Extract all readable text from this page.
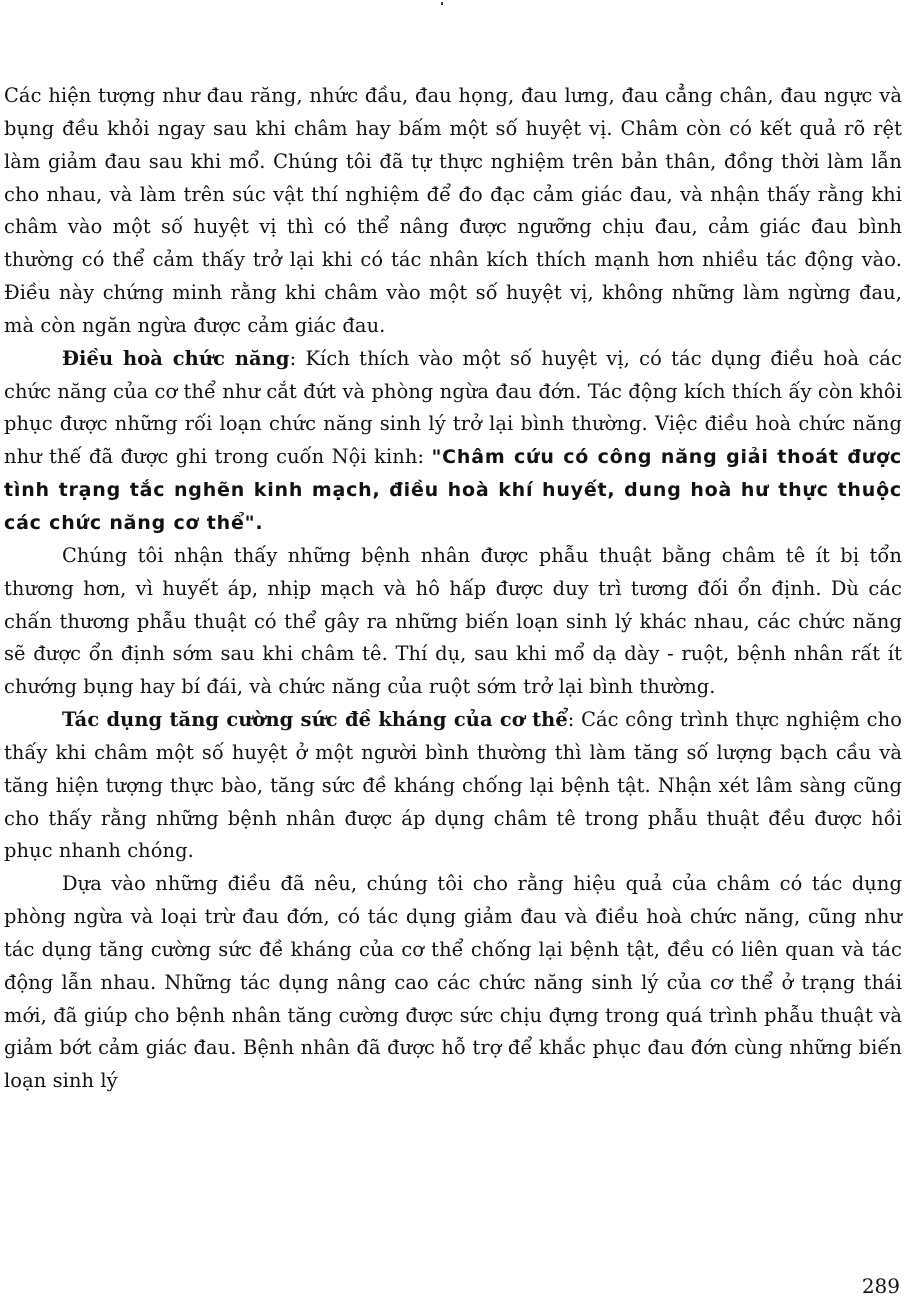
Các hiện tượng như đau răng, nhức đầu, đau họng, đau lưng, đau cẳng chân, đau ngực và bụng đều khỏi ngay sau khi châm hay bấm một số huyệt vị. Châm còn có kết quả rõ rệt làm giảm đau sau khi mổ. Chúng tôi đã tự thực nghiệm trên bản thân, đồng thời làm lẫn cho nhau, và làm trên súc vật thí nghiệm để đo đạc cảm giác đau, và nhận thấy rằng khi châm vào một số huyệt vị thì có thể nâng được ngưỡng chịu đau, cảm giác đau bình thường có thể cảm thấy trở lại khi có tác nhân kích thích mạnh hơn nhiều tác động vào. Điều này chứng minh rằng khi châm vào một số huyệt vị, không những làm ngừng đau, mà còn ngăn ngừa được cảm giác đau.

Điều hoà chức năng: Kích thích vào một số huyệt vị, có tác dụng điều hoà các chức năng của cơ thể như cắt đứt và phòng ngừa đau đớn. Tác động kích thích ấy còn khôi phục được những rối loạn chức năng sinh lý trở lại bình thường. Việc điều hoà chức năng như thế đã được ghi trong cuốn Nội kinh: "Châm cứu có công năng giải thoát được tình trạng tắc nghẽn kinh mạch, điều hoà khí huyết, dung hoà hư thực thuộc các chức năng cơ thể".

Chúng tôi nhận thấy những bệnh nhân được phẫu thuật bằng châm tê ít bị tổn thương hơn, vì huyết áp, nhịp mạch và hô hấp được duy trì tương đối ổn định. Dù các chấn thương phẫu thuật có thể gây ra những biến loạn sinh lý khác nhau, các chức năng sẽ được ổn định sớm sau khi châm tê. Thí dụ, sau khi mổ dạ dày - ruột, bệnh nhân rất ít chướng bụng hay bí đái, và chức năng của ruột sớm trở lại bình thường.

Tác dụng tăng cường sức đề kháng của cơ thể: Các công trình thực nghiệm cho thấy khi châm một số huyệt ở một người bình thường thì làm tăng số lượng bạch cầu và tăng hiện tượng thực bào, tăng sức đề kháng chống lại bệnh tật. Nhận xét lâm sàng cũng cho thấy rằng những bệnh nhân được áp dụng châm tê trong phẫu thuật đều được hồi phục nhanh chóng.

Dựa vào những điều đã nêu, chúng tôi cho rằng hiệu quả của châm có tác dụng phòng ngừa và loại trừ đau đớn, có tác dụng giảm đau và điều hoà chức năng, cũng như tác dụng tăng cường sức đề kháng của cơ thể chống lại bệnh tật, đều có liên quan và tác động lẫn nhau. Những tác dụng nâng cao các chức năng sinh lý của cơ thể ở trạng thái mới, đã giúp cho bệnh nhân tăng cường được sức chịu đựng trong quá trình phẫu thuật và giảm bớt cảm giác đau. Bệnh nhân đã được hỗ trợ để khắc phục đau đớn cùng những biến loạn sinh lý

289
